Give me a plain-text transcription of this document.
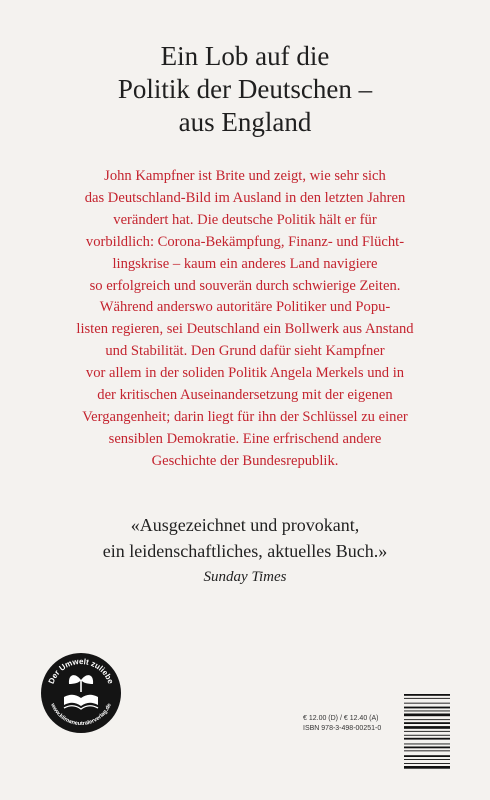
Ein Lob auf die
Politik der Deutschen –
aus England
John Kampfner ist Brite und zeigt, wie sehr sich
das Deutschland-Bild im Ausland in den letzten Jahren
verändert hat. Die deutsche Politik hält er für
vorbildlich: Corona-Bekämpfung, Finanz- und Flücht-
lingskrise – kaum ein anderes Land navigiere
so erfolgreich und souverän durch schwierige Zeiten.
Während anderswo autoritäre Politiker und Popu-
listen regieren, sei Deutschland ein Bollwerk aus Anstand
und Stabilität. Den Grund dafür sieht Kampfner
vor allem in der soliden Politik Angela Merkels und in
der kritischen Auseinandersetzung mit der eigenen
Vergangenheit; darin liegt für ihn der Schlüssel zu einer
sensiblen Demokratie. Eine erfrischend andere
Geschichte der Bundesrepublik.
«Ausgezeichnet und provokant,
ein leidenschaftliches, aktuelles Buch.»
Sunday Times
Der Umwelt zuliebe
www.klimaneutralerverlag.de
€ 12.00 (D) / € 12.40 (A)
ISBN 978-3-498-00251-0
